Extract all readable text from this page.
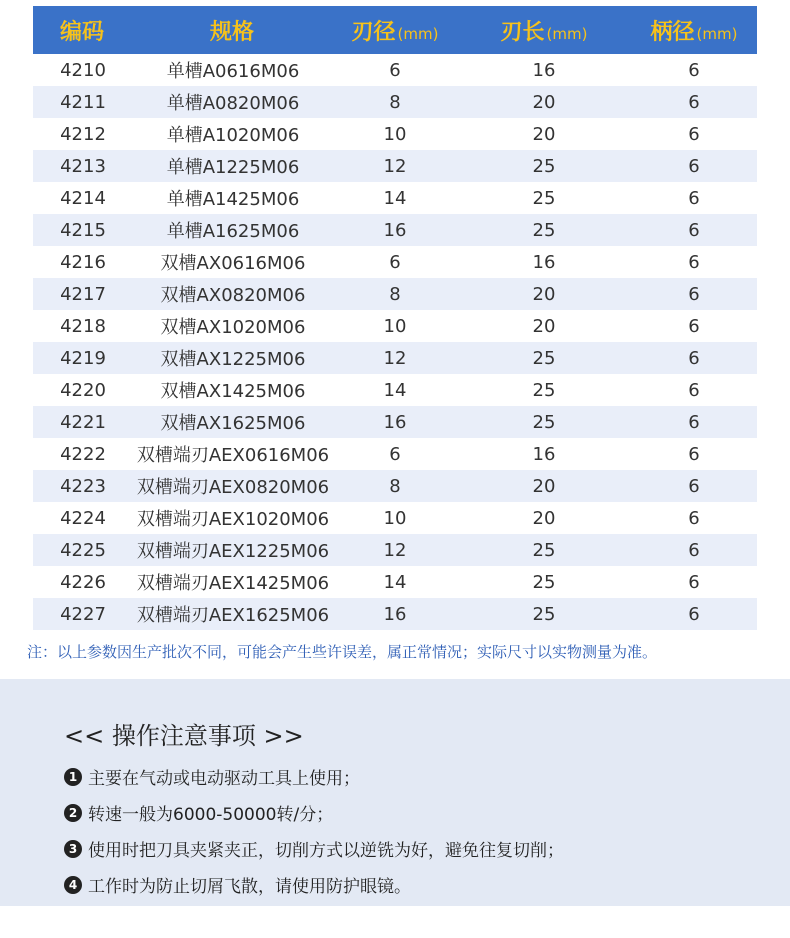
编码	规格	刃径 (mm)	刃长 (mm)	柄径 (mm)
4210	单槽A0616M06	6	16	6
4211	单槽A0820M06	8	20	6
4212	单槽A1020M06	10	20	6
4213	单槽A1225M06	12	25	6
4214	单槽A1425M06	14	25	6
4215	单槽A1625M06	16	25	6
4216	双槽AX0616M06	6	16	6
4217	双槽AX0820M06	8	20	6
4218	双槽AX1020M06	10	20	6
4219	双槽AX1225M06	12	25	6
4220	双槽AX1425M06	14	25	6
4221	双槽AX1625M06	16	25	6
4222	双槽端刃AEX0616M06	6	16	6
4223	双槽端刃AEX0820M06	8	20	6
4224	双槽端刃AEX1020M06	10	20	6
4225	双槽端刃AEX1225M06	12	25	6
4226	双槽端刃AEX1425M06	14	25	6
4227	双槽端刃AEX1625M06	16	25	6
注：以上参数因生产批次不同，可能会产生些许误差，属正常情况；实际尺寸以实物测量为准。
<< 操作注意事项 >>
1 主要在气动或电动驱动工具上使用；
2 转速一般为6000-50000转/分；
3 使用时把刀具夹紧夹正，切削方式以逆铣为好，避免往复切削；
4 工作时为防止切屑飞散，请使用防护眼镜。
